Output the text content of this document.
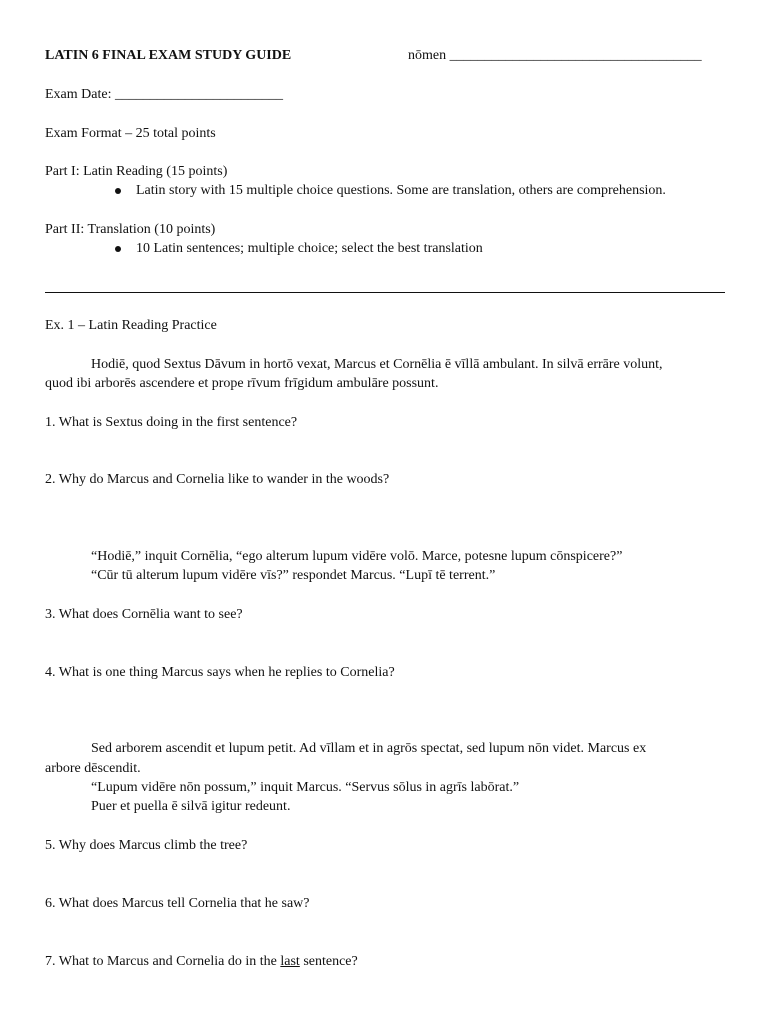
LATIN 6 FINAL EXAM STUDY GUIDE	nōmen ____________________________________
Exam Date: ________________________
Exam Format – 25 total points
Part I: Latin Reading (15 points)
Latin story with 15 multiple choice questions. Some are translation, others are comprehension.
Part II: Translation (10 points)
10 Latin sentences; multiple choice; select the best translation
Ex. 1 – Latin Reading Practice
Hodiē, quod Sextus Dāvum in hortō vexat, Marcus et Cornēlia ē vīllā ambulant. In silvā errāre volunt,
quod ibi arborēs ascendere et prope rīvum frīgidum ambulāre possunt.
1. What is Sextus doing in the first sentence?
2. Why do Marcus and Cornelia like to wander in the woods?
“Hodiē,” inquit Cornēlia, “ego alterum lupum vidēre volō. Marce, potesne lupum cōnspicere?”
“Cūr tū alterum lupum vidēre vīs?” respondet Marcus. “Lupī tē terrent.”
3. What does Cornēlia want to see?
4. What is one thing Marcus says when he replies to Cornelia?
Sed arborem ascendit et lupum petit. Ad vīllam et in agrōs spectat, sed lupum nōn videt. Marcus ex
arbore dēscendit.
“Lupum vidēre nōn possum,” inquit Marcus. “Servus sōlus in agrīs labōrat.”
Puer et puella ē silvā igitur redeunt.
5. Why does Marcus climb the tree?
6. What does Marcus tell Cornelia that he saw?
7. What to Marcus and Cornelia do in the last sentence?
